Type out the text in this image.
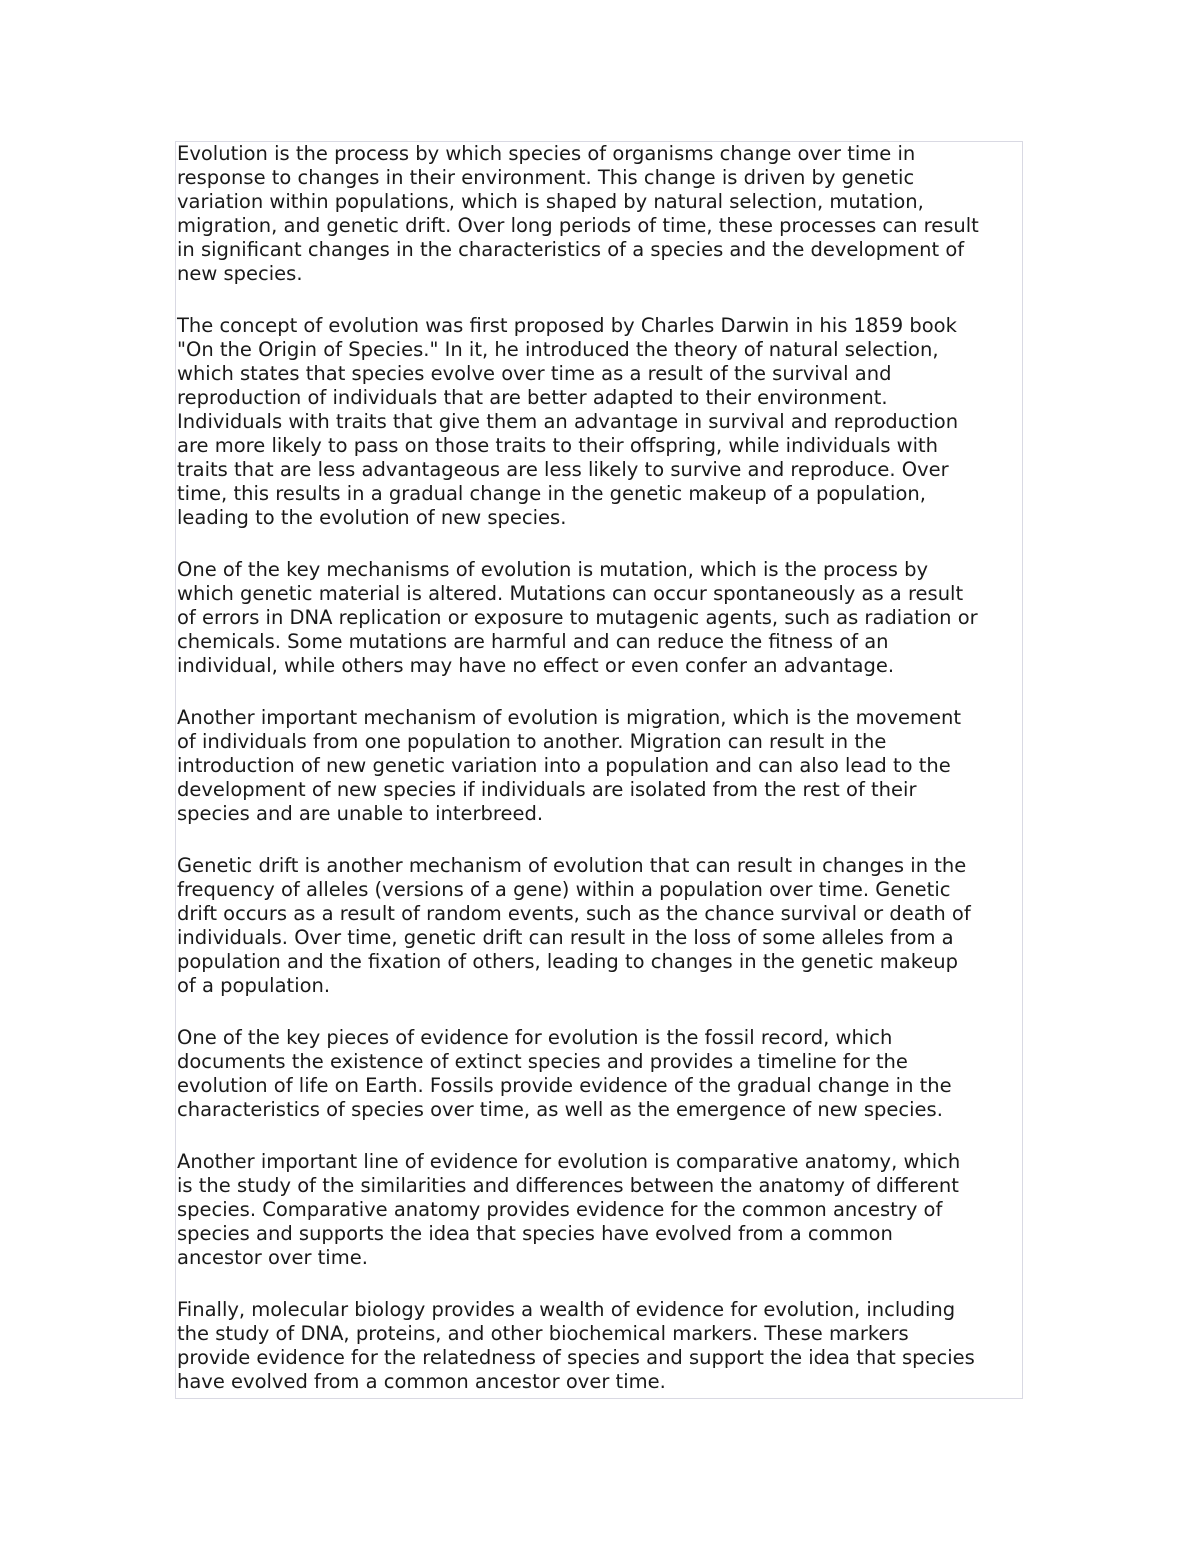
Evolution is the process by which species of organisms change over time in
response to changes in their environment. This change is driven by genetic
variation within populations, which is shaped by natural selection, mutation,
migration, and genetic drift. Over long periods of time, these processes can result
in significant changes in the characteristics of a species and the development of
new species.

The concept of evolution was first proposed by Charles Darwin in his 1859 book
"On the Origin of Species." In it, he introduced the theory of natural selection,
which states that species evolve over time as a result of the survival and
reproduction of individuals that are better adapted to their environment.
Individuals with traits that give them an advantage in survival and reproduction
are more likely to pass on those traits to their offspring, while individuals with
traits that are less advantageous are less likely to survive and reproduce. Over
time, this results in a gradual change in the genetic makeup of a population,
leading to the evolution of new species.

One of the key mechanisms of evolution is mutation, which is the process by
which genetic material is altered. Mutations can occur spontaneously as a result
of errors in DNA replication or exposure to mutagenic agents, such as radiation or
chemicals. Some mutations are harmful and can reduce the fitness of an
individual, while others may have no effect or even confer an advantage.

Another important mechanism of evolution is migration, which is the movement
of individuals from one population to another. Migration can result in the
introduction of new genetic variation into a population and can also lead to the
development of new species if individuals are isolated from the rest of their
species and are unable to interbreed.

Genetic drift is another mechanism of evolution that can result in changes in the
frequency of alleles (versions of a gene) within a population over time. Genetic
drift occurs as a result of random events, such as the chance survival or death of
individuals. Over time, genetic drift can result in the loss of some alleles from a
population and the fixation of others, leading to changes in the genetic makeup
of a population.

One of the key pieces of evidence for evolution is the fossil record, which
documents the existence of extinct species and provides a timeline for the
evolution of life on Earth. Fossils provide evidence of the gradual change in the
characteristics of species over time, as well as the emergence of new species.

Another important line of evidence for evolution is comparative anatomy, which
is the study of the similarities and differences between the anatomy of different
species. Comparative anatomy provides evidence for the common ancestry of
species and supports the idea that species have evolved from a common
ancestor over time.

Finally, molecular biology provides a wealth of evidence for evolution, including
the study of DNA, proteins, and other biochemical markers. These markers
provide evidence for the relatedness of species and support the idea that species
have evolved from a common ancestor over time.
